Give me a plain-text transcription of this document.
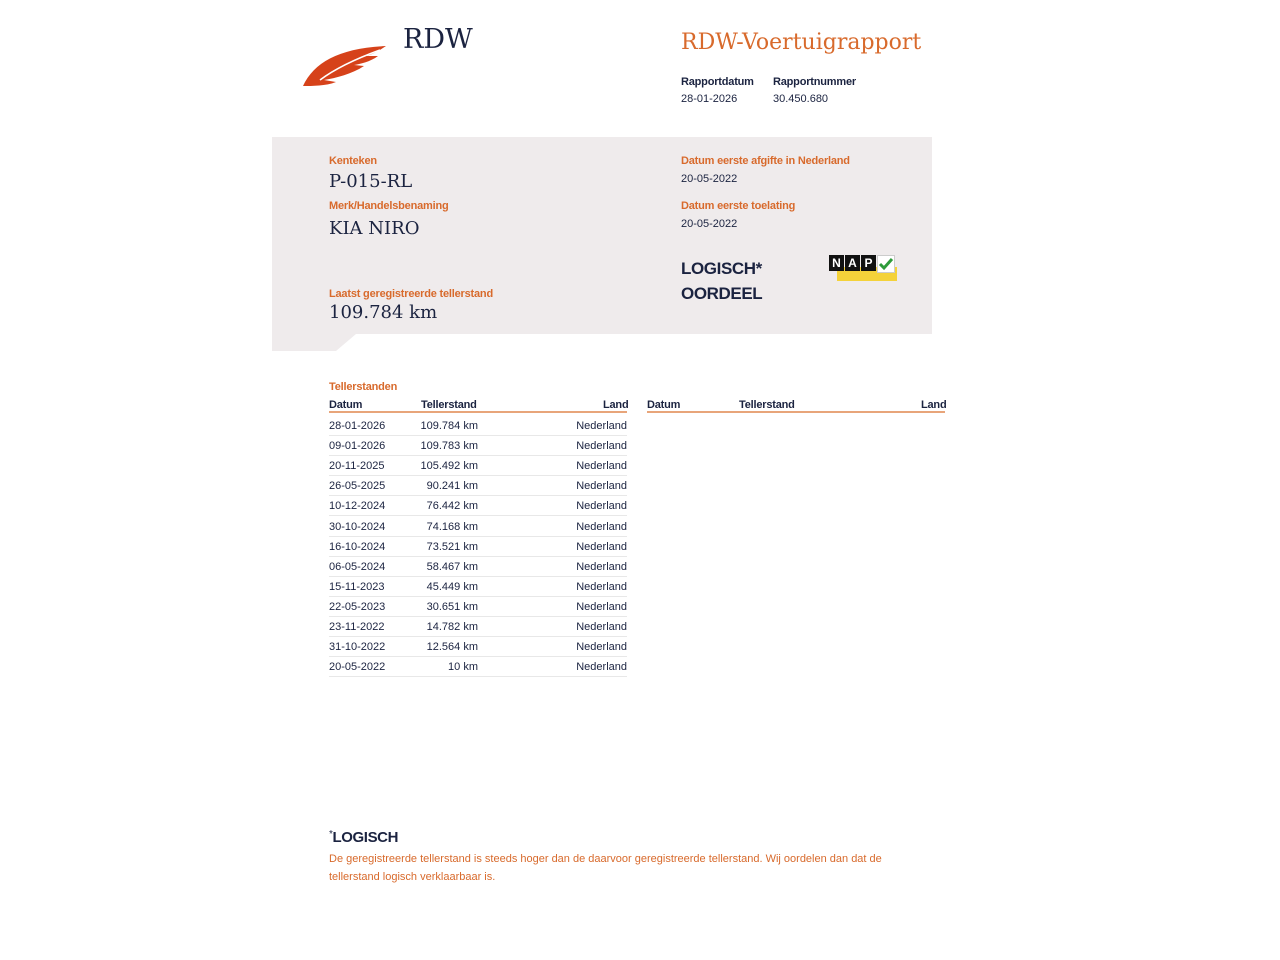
RDW	RDW-Voertuigrapport
Rapportdatum
28-01-2026
Rapportnummer
30.450.680
Kenteken
P-015-RL
Merk/Handelsbenaming
KIA NIRO
Laatst geregistreerde tellerstand
109.784 km
Datum eerste afgifte in Nederland
20-05-2022
Datum eerste toelating
20-05-2022
LOGISCH*
OORDEEL
N A P
Tellerstanden
Datum	Tellerstand	Land Datum	Tellerstand	Land
28-01-2026	109.784 km	Nederland
09-01-2026	109.783 km	Nederland
20-11-2025	105.492 km	Nederland
26-05-2025	90.241 km	Nederland
10-12-2024	76.442 km	Nederland
30-10-2024	74.168 km	Nederland
16-10-2024	73.521 km	Nederland
06-05-2024	58.467 km	Nederland
15-11-2023	45.449 km	Nederland
22-05-2023	30.651 km	Nederland
23-11-2022	14.782 km	Nederland
31-10-2022	12.564 km	Nederland
20-05-2022	10 km	Nederland
*LOGISCH
De geregistreerde tellerstand is steeds hoger dan de daarvoor geregistreerde tellerstand. Wij oordelen dan dat de tellerstand logisch verklaarbaar is.
